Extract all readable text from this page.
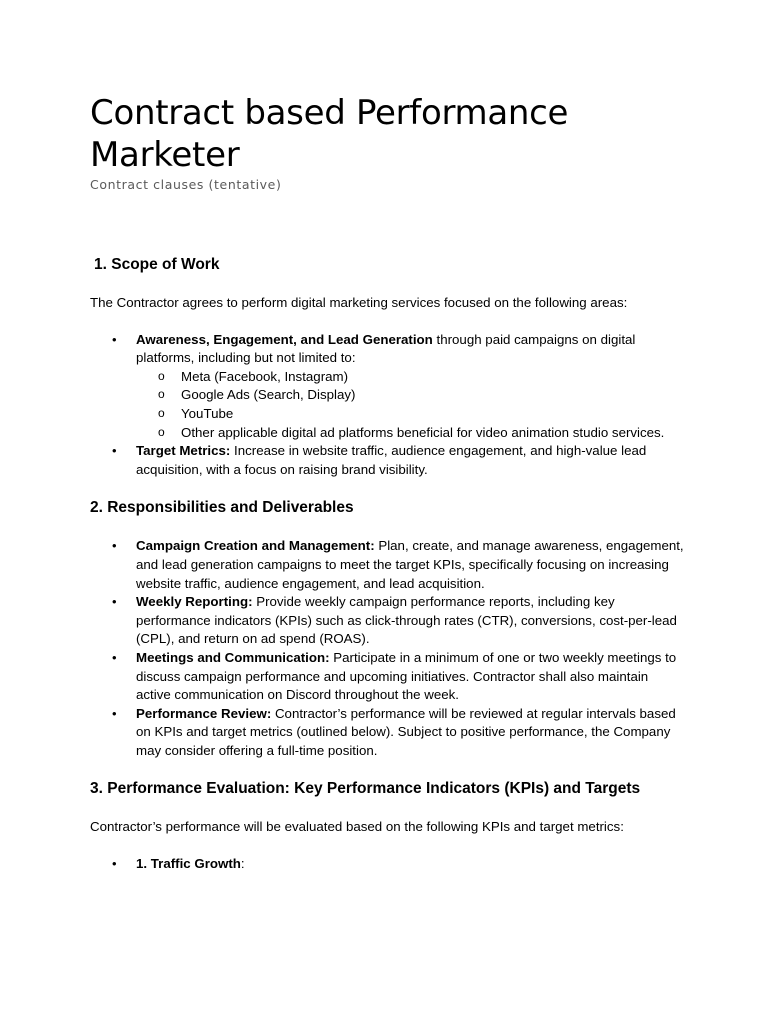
Contract based Performance Marketer
Contract clauses (tentative)
1. Scope of Work

The Contractor agrees to perform digital marketing services focused on the following areas:

• Awareness, Engagement, and Lead Generation through paid campaigns on digital platforms, including but not limited to:
o Meta (Facebook, Instagram)
o Google Ads (Search, Display)
o YouTube
o Other applicable digital ad platforms beneficial for video animation studio services.
• Target Metrics: Increase in website traffic, audience engagement, and high-value lead acquisition, with a focus on raising brand visibility.
2. Responsibilities and Deliverables
• Campaign Creation and Management: Plan, create, and manage awareness, engagement, and lead generation campaigns to meet the target KPIs, specifically focusing on increasing website traffic, audience engagement, and lead acquisition.
• Weekly Reporting: Provide weekly campaign performance reports, including key performance indicators (KPIs) such as click-through rates (CTR), conversions, cost-per-lead (CPL), and return on ad spend (ROAS).
• Meetings and Communication: Participate in a minimum of one or two weekly meetings to discuss campaign performance and upcoming initiatives. Contractor shall also maintain active communication on Discord throughout the week.
• Performance Review: Contractor’s performance will be reviewed at regular intervals based on KPIs and target metrics (outlined below). Subject to positive performance, the Company may consider offering a full-time position.
3. Performance Evaluation: Key Performance Indicators (KPIs) and Targets

Contractor’s performance will be evaluated based on the following KPIs and target metrics:

• 1. Traffic Growth:
